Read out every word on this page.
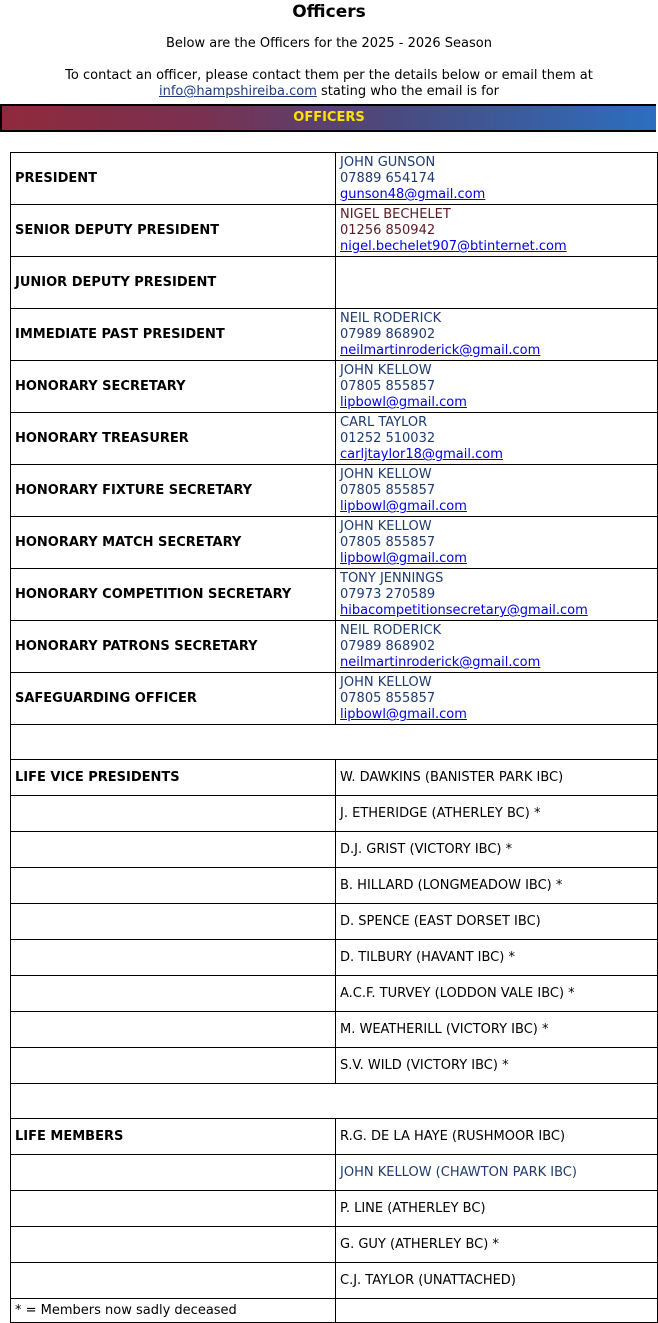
Officers
Below are the Officers for the 2025 - 2026 Season
To contact an officer, please contact them per the details below or email them at
info@hampshireiba.com stating who the email is for
OFFICERS
PRESIDENT	JOHN GUNSON
07889 654174
gunson48@gmail.com

SENIOR DEPUTY PRESIDENT	NIGEL BECHELET
01256 850942
nigel.bechelet907@btinternet.com

JUNIOR DEPUTY PRESIDENT	
IMMEDIATE PAST PRESIDENT	NEIL RODERICK
07989 868902
neilmartinroderick@gmail.com

HONORARY SECRETARY	JOHN KELLOW
07805 855857
lipbowl@gmail.com

HONORARY TREASURER	CARL TAYLOR
01252 510032
carljtaylor18@gmail.com

HONORARY FIXTURE SECRETARY	JOHN KELLOW
07805 855857
lipbowl@gmail.com

HONORARY MATCH SECRETARY	JOHN KELLOW
07805 855857
lipbowl@gmail.com

HONORARY COMPETITION SECRETARY	TONY JENNINGS
07973 270589
hibacompetitionsecretary@gmail.com

HONORARY PATRONS SECRETARY	NEIL RODERICK
07989 868902
neilmartinroderick@gmail.com

SAFEGUARDING OFFICER	JOHN KELLOW
07805 855857
lipbowl@gmail.com

LIFE VICE PRESIDENTS	W. DAWKINS (BANISTER PARK IBC)
	J. ETHERIDGE (ATHERLEY BC) *
	D.J. GRIST (VICTORY IBC) *
	B. HILLARD (LONGMEADOW IBC) *
	D. SPENCE (EAST DORSET IBC)
	D. TILBURY (HAVANT IBC) *
	A.C.F. TURVEY (LODDON VALE IBC) *
	M. WEATHERILL (VICTORY IBC) *
	S.V. WILD (VICTORY IBC) *

LIFE MEMBERS	R.G. DE LA HAYE (RUSHMOOR IBC)
	JOHN KELLOW (CHAWTON PARK IBC)
	P. LINE (ATHERLEY BC)
	G. GUY (ATHERLEY BC) *
	C.J. TAYLOR (UNATTACHED)
* = Members now sadly deceased	
